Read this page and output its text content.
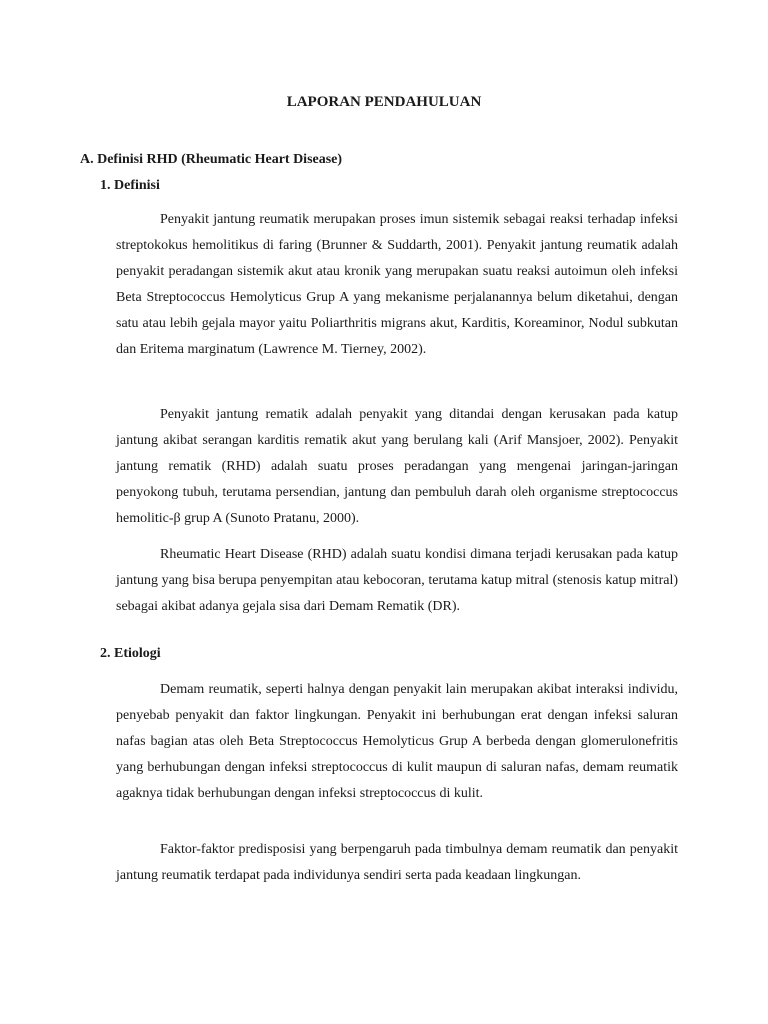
LAPORAN PENDAHULUAN
A. Definisi RHD (Rheumatic Heart Disease)
1. Definisi

Penyakit jantung reumatik merupakan proses imun sistemik sebagai reaksi terhadap infeksi streptokokus hemolitikus di faring (Brunner & Suddarth, 2001). Penyakit jantung reumatik adalah penyakit peradangan sistemik akut atau kronik yang merupakan suatu reaksi autoimun oleh infeksi Beta Streptococcus Hemolyticus Grup A yang mekanisme perjalanannya belum diketahui, dengan satu atau lebih gejala mayor yaitu Poliarthritis migrans akut, Karditis, Koreaminor, Nodul subkutan dan Eritema marginatum (Lawrence M. Tierney, 2002).

Penyakit jantung rematik adalah penyakit yang ditandai dengan kerusakan pada katup jantung akibat serangan karditis rematik akut yang berulang kali (Arif Mansjoer, 2002). Penyakit jantung rematik (RHD) adalah suatu proses peradangan yang mengenai jaringan-jaringan penyokong tubuh, terutama persendian, jantung dan pembuluh darah oleh organisme streptococcus hemolitic-β grup A (Sunoto Pratanu, 2000).

Rheumatic Heart Disease (RHD) adalah suatu kondisi dimana terjadi kerusakan pada katup jantung yang bisa berupa penyempitan atau kebocoran, terutama katup mitral (stenosis katup mitral) sebagai akibat adanya gejala sisa dari Demam Rematik (DR).

2. Etiologi

Demam reumatik, seperti halnya dengan penyakit lain merupakan akibat interaksi individu, penyebab penyakit dan faktor lingkungan. Penyakit ini berhubungan erat dengan infeksi saluran nafas bagian atas oleh Beta Streptococcus Hemolyticus Grup A berbeda dengan glomerulonefritis yang berhubungan dengan infeksi streptococcus di kulit maupun di saluran nafas, demam reumatik agaknya tidak berhubungan dengan infeksi streptococcus di kulit.

Faktor-faktor predisposisi yang berpengaruh pada timbulnya demam reumatik dan penyakit jantung reumatik terdapat pada individunya sendiri serta pada keadaan lingkungan.
